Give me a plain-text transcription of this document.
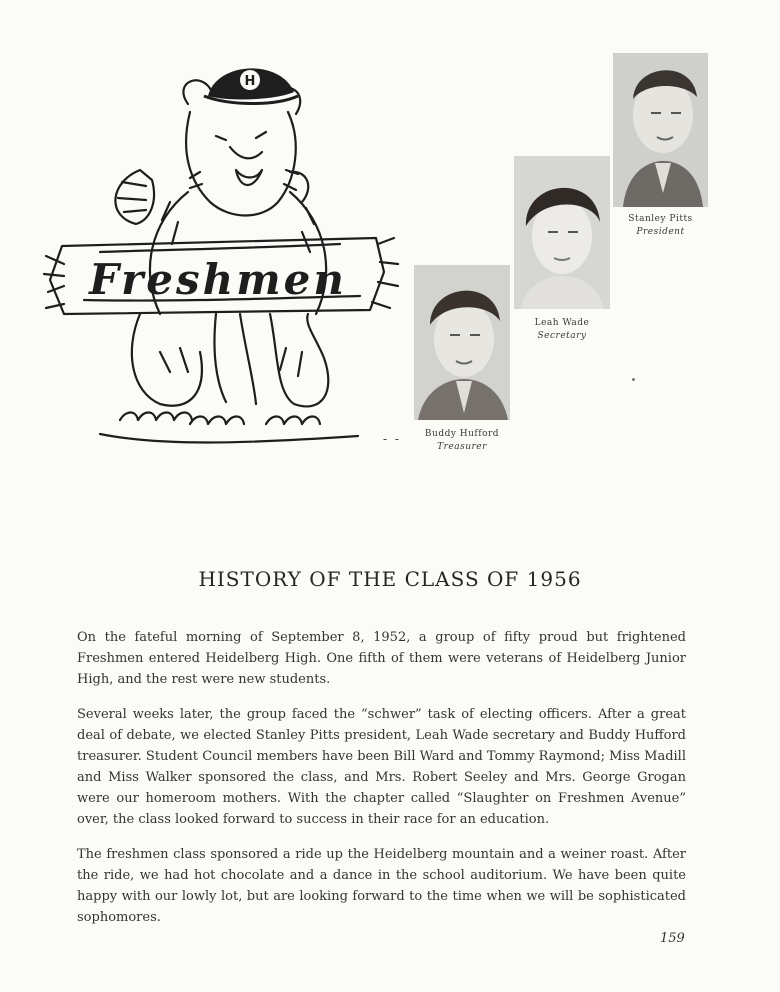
H
Freshmen
Stanley Pitts
President
Leah Wade
Secretary
Buddy Hufford
Treasurer
- -
HISTORY OF THE CLASS OF 1956

On the fateful morning of September 8, 1952, a group of fifty proud but frightened Freshmen entered Heidelberg High. One fifth of them were veterans of Heidelberg Junior High, and the rest were new students.

Several weeks later, the group faced the “schwer” task of electing officers. After a great deal of debate, we elected Stanley Pitts president, Leah Wade secretary and Buddy Hufford treasurer. Student Council members have been Bill Ward and Tommy Raymond; Miss Madill and Miss Walker sponsored the class, and Mrs. Robert Seeley and Mrs. George Grogan were our homeroom mothers. With the chapter called “Slaughter on Freshmen Avenue” over, the class looked forward to success in their race for an education.

The freshmen class sponsored a ride up the Heidelberg mountain and a weiner roast. After the ride, we had hot chocolate and a dance in the school auditorium. We have been quite happy with our lowly lot, but are looking forward to the time when we will be sophisticated sophomores.

159
